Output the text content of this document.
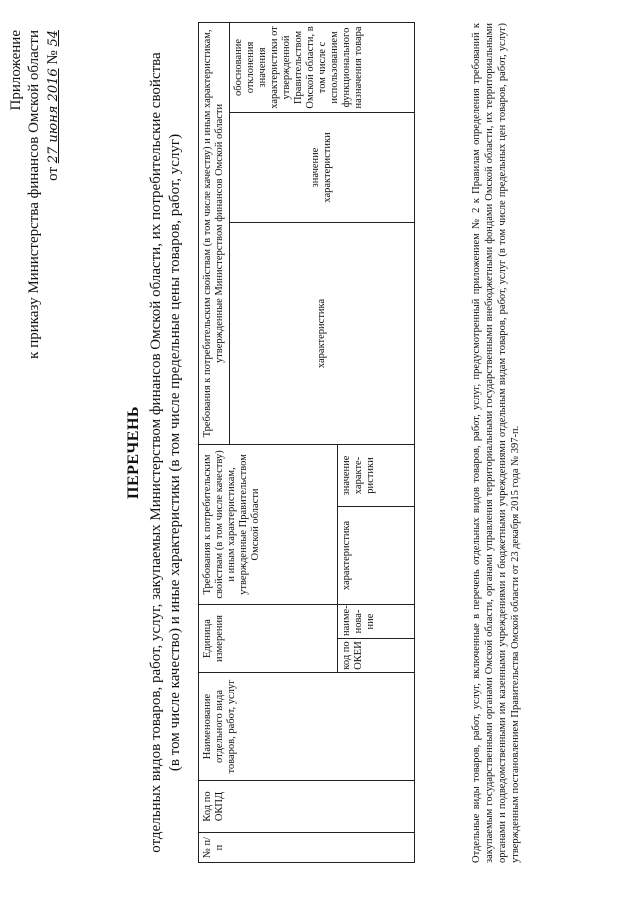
Приложение к приказу Министерства финансов Омской области от 27 июня 2016 № 54
ПЕРЕЧЕНЬ отдельных видов товаров, работ, услуг, закупаемых Министерством финансов Омской области, их потребительские свойства (в том числе качество) и иные характеристики (в том числе предельные цены товаров, работ, услуг)
№ п/п	Код по ОКПД	Наименование отдельного вида товаров, работ, услуг	Единица измерения		Требования к потребительским свойствам (в том числе качеству) и иным характеристикам, утвержденные Правительством Омской области		Требования к потребительским свойствам (в том числе качеству) и иным характеристикам, утвержденные Министерством финансов Омской области		
							характеристика	значение характеристики	обоснование отклонения значения характеристики от утвержденной Правительством Омской области, в том числе с использованием функционального назначения товара
			код по ОКЕИ	наиме-нова-ние	характеристика	значение характе-ристики				Отдельные виды товаров, работ, услуг, включенные в перечень отдельных видов товаров, работ, услуг, предусмотренный приложением № 2 к Правилам определения требований к закупаемым государственными органами Омской области, органами управления территориальными государственными внебюджетными фондами Омской области, их территориальными органами и подведомственными им казенными учреждениями и бюджетными учреждениями отдельным видам товаров, работ, услуг (в том числе предельных цен товаров, работ, услуг) утвержденным постановлением Правительства Омской области от 23 декабря 2015 года № 397-п.
